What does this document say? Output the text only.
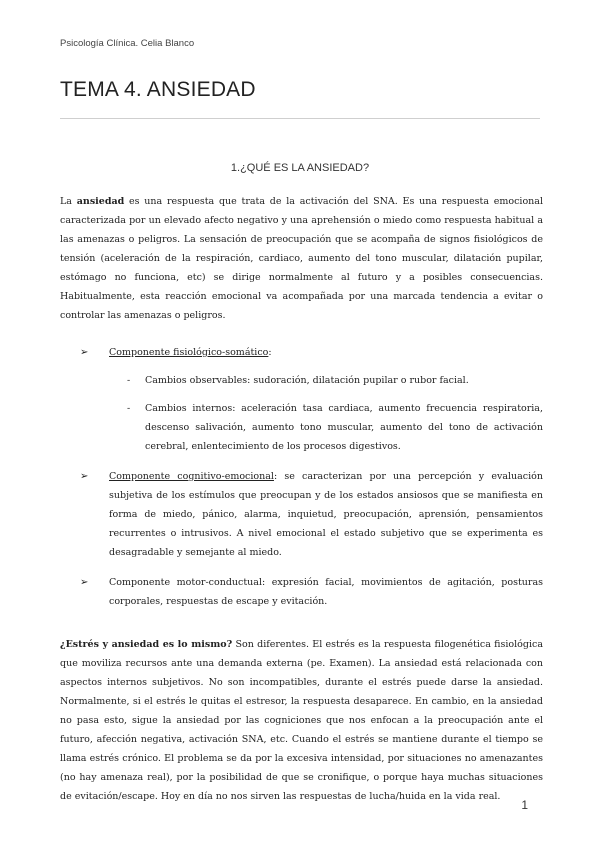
Psicología Clínica. Celia Blanco
TEMA 4. ANSIEDAD
1.¿QUÉ ES LA ANSIEDAD?

La ansiedad es una respuesta que trata de la activación del SNA. Es una respuesta emocional caracterizada por un elevado afecto negativo y una aprehensión o miedo como respuesta habitual a las amenazas o peligros. La sensación de preocupación que se acompaña de signos fisiológicos de tensión (aceleración de la respiración, cardiaco, aumento del tono muscular, dilatación pupilar, estómago no funciona, etc) se dirige normalmente al futuro y a posibles consecuencias. Habitualmente, esta reacción emocional va acompañada por una marcada tendencia a evitar o controlar las amenazas o peligros.

➢ Componente fisiológico-somático:
- Cambios observables: sudoración, dilatación pupilar o rubor facial.
- Cambios internos: aceleración tasa cardiaca, aumento frecuencia respiratoria, descenso salivación, aumento tono muscular, aumento del tono de activación cerebral, enlentecimiento de los procesos digestivos.
➢ Componente cognitivo-emocional: se caracterizan por una percepción y evaluación subjetiva de los estímulos que preocupan y de los estados ansiosos que se manifiesta en forma de miedo, pánico, alarma, inquietud, preocupación, aprensión, pensamientos recurrentes o intrusivos. A nivel emocional el estado subjetivo que se experimenta es desagradable y semejante al miedo.
➢ Componente motor-conductual: expresión facial, movimientos de agitación, posturas corporales, respuestas de escape y evitación.

¿Estrés y ansiedad es lo mismo? Son diferentes. El estrés es la respuesta filogenética fisiológica que moviliza recursos ante una demanda externa (pe. Examen). La ansiedad está relacionada con aspectos internos subjetivos. No son incompatibles, durante el estrés puede darse la ansiedad. Normalmente, si el estrés le quitas el estresor, la respuesta desaparece. En cambio, en la ansiedad no pasa esto, sigue la ansiedad por las cogniciones que nos enfocan a la preocupación ante el futuro, afección negativa, activación SNA, etc. Cuando el estrés se mantiene durante el tiempo se llama estrés crónico. El problema se da por la excesiva intensidad, por situaciones no amenazantes (no hay amenaza real), por la posibilidad de que se cronifique, o porque haya muchas situaciones de evitación/escape. Hoy en día no nos sirven las respuestas de lucha/huida en la vida real.

1
